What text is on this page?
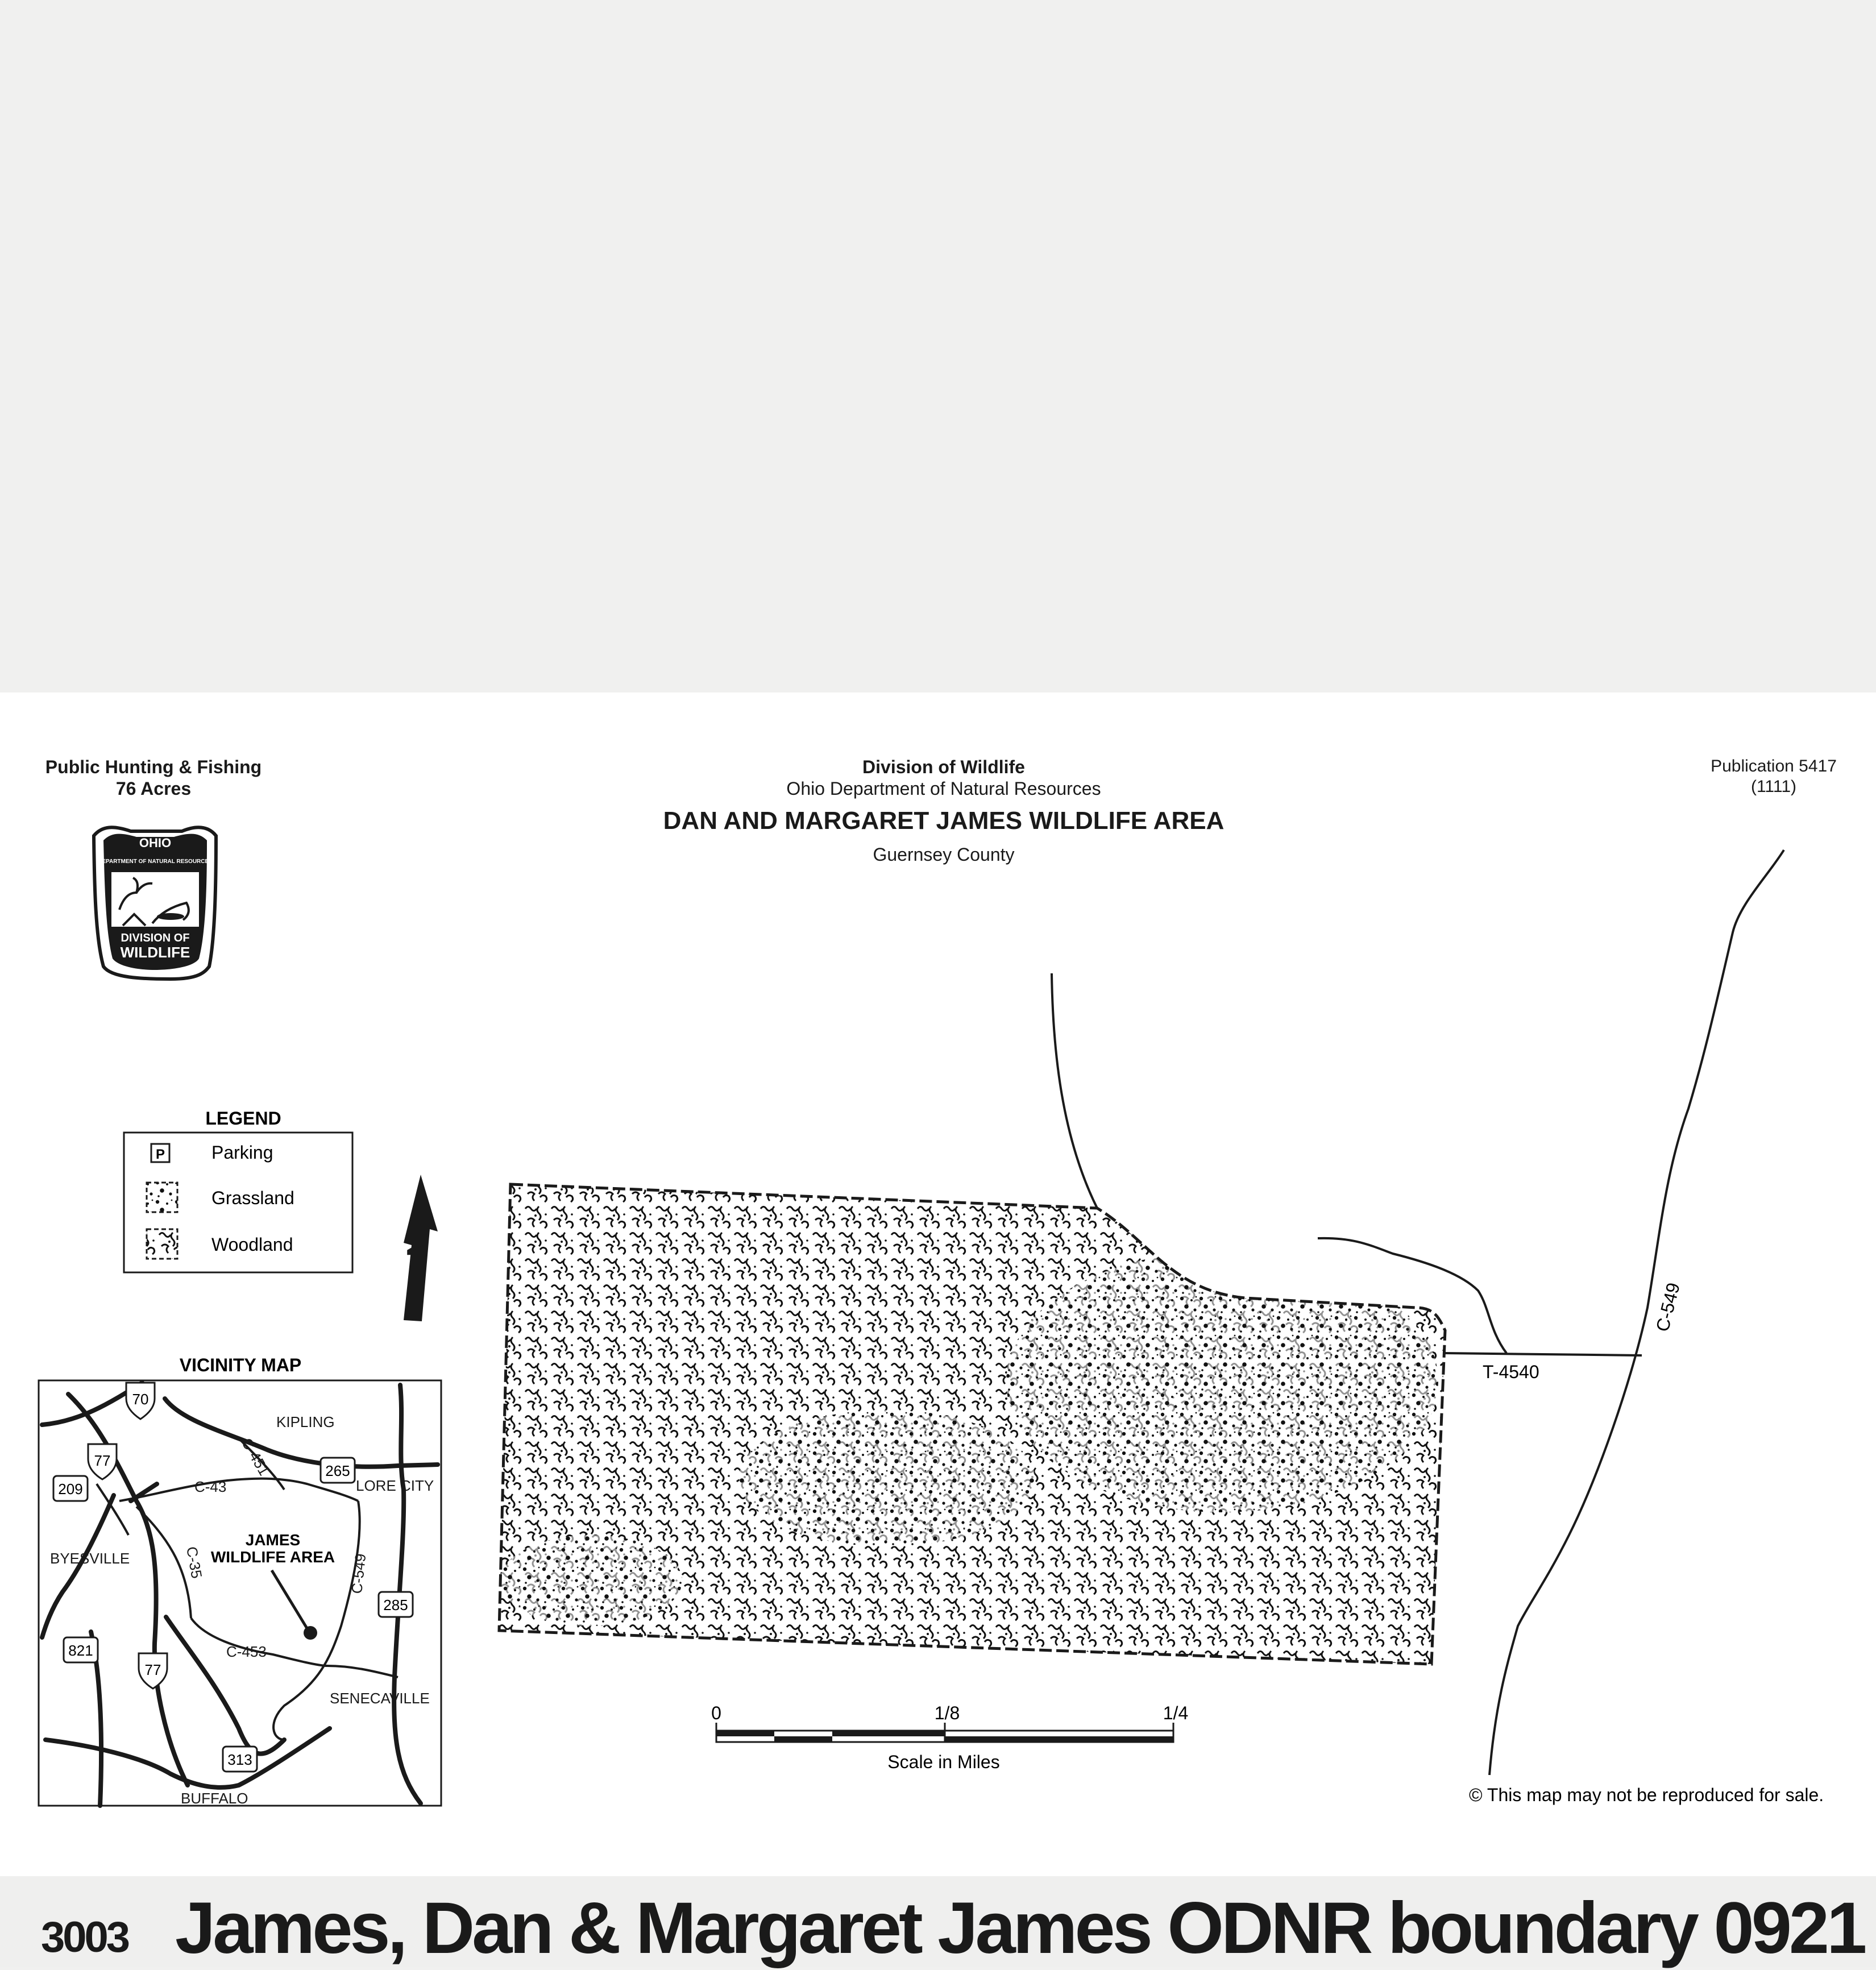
Public Hunting & Fishing
76 Acres
Division of Wildlife
Ohio Department of Natural Resources
DAN AND MARGARET JAMES WILDLIFE AREA
Guernsey County
Publication 5417
(1111)
OHIO
DEPARTMENT OF NATURAL RESOURCES
DIVISION OF
WILDLIFE
LEGEND
P	Parking
Grassland
Woodland	N
VICINITY MAP
70
77
77
209
265
285
821
313
KIPLING
LORE CITY
BYESVILLE
SENECAVILLE
BUFFALO
C-43
C-453
C-451
C-35	C-549
JAMES
WILDLIFE AREA
T-4540
C-549
0	1/8	1/4
Scale in Miles
© This map may not be reproduced for sale.
3003 James, Dan & Margaret James ODNR boundary 0921
